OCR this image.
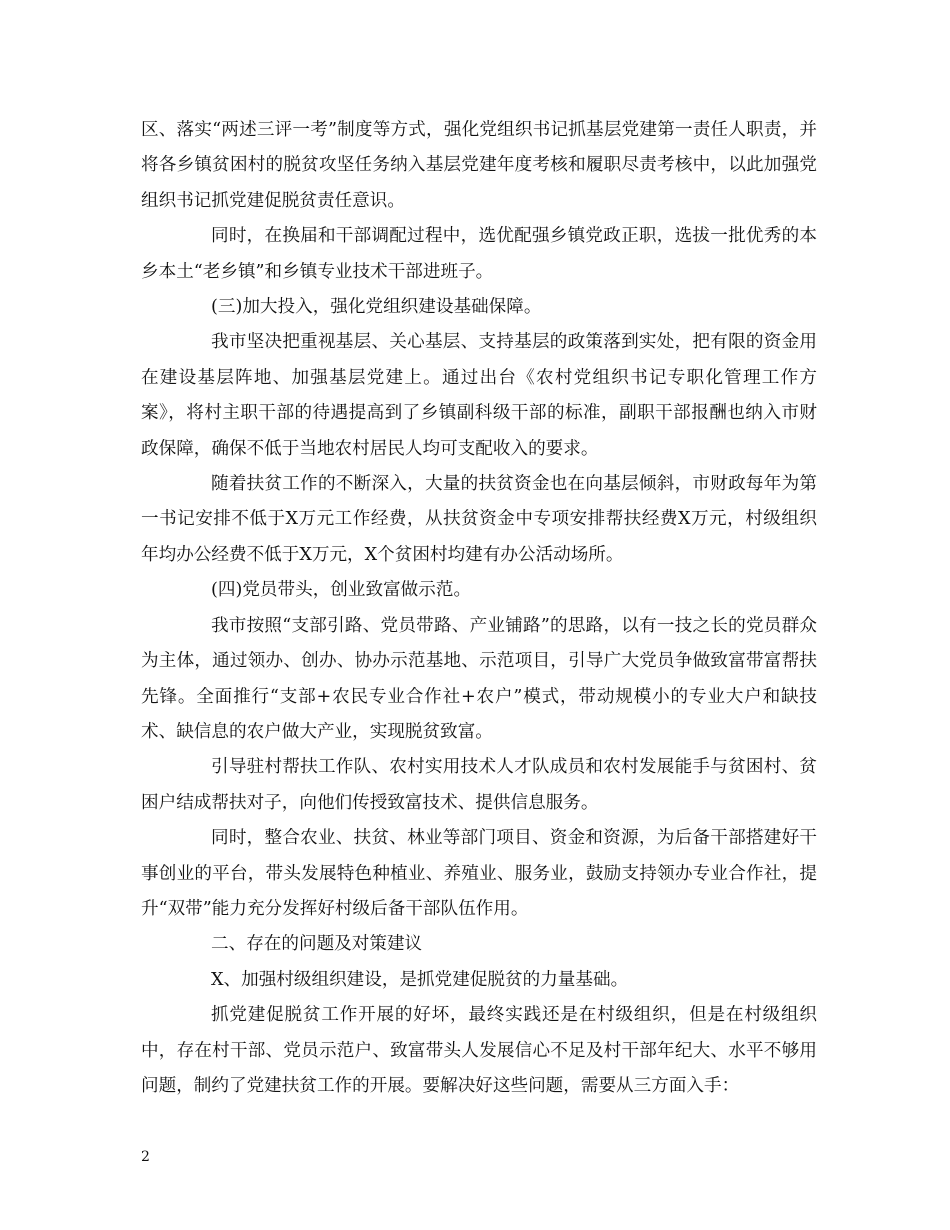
区、落实“两述三评一考”制度等方式，强化党组织书记抓基层党建第一责任人职责，并将各乡镇贫困村的脱贫攻坚任务纳入基层党建年度考核和履职尽责考核中，以此加强党组织书记抓党建促脱贫责任意识。

同时，在换届和干部调配过程中，选优配强乡镇党政正职，选拔一批优秀的本乡本土“老乡镇”和乡镇专业技术干部进班子。

(三)加大投入，强化党组织建设基础保障。

我市坚决把重视基层、关心基层、支持基层的政策落到实处，把有限的资金用在建设基层阵地、加强基层党建上。通过出台《农村党组织书记专职化管理工作方案》，将村主职干部的待遇提高到了乡镇副科级干部的标准，副职干部报酬也纳入市财政保障，确保不低于当地农村居民人均可支配收入的要求。

随着扶贫工作的不断深入，大量的扶贫资金也在向基层倾斜，市财政每年为第一书记安排不低于X万元工作经费，从扶贫资金中专项安排帮扶经费X万元，村级组织年均办公经费不低于X万元，X个贫困村均建有办公活动场所。

(四)党员带头，创业致富做示范。

我市按照“支部引路、党员带路、产业铺路”的思路，以有一技之长的党员群众为主体，通过领办、创办、协办示范基地、示范项目，引导广大党员争做致富带富帮扶先锋。全面推行“支部+农民专业合作社+农户”模式，带动规模小的专业大户和缺技术、缺信息的农户做大产业，实现脱贫致富。

引导驻村帮扶工作队、农村实用技术人才队成员和农村发展能手与贫困村、贫困户结成帮扶对子，向他们传授致富技术、提供信息服务。

同时，整合农业、扶贫、林业等部门项目、资金和资源，为后备干部搭建好干事创业的平台，带头发展特色种植业、养殖业、服务业，鼓励支持领办专业合作社，提升“双带”能力充分发挥好村级后备干部队伍作用。

二、存在的问题及对策建议

X、加强村级组织建设，是抓党建促脱贫的力量基础。

抓党建促脱贫工作开展的好坏，最终实践还是在村级组织，但是在村级组织中，存在村干部、党员示范户、致富带头人发展信心不足及村干部年纪大、水平不够用问题，制约了党建扶贫工作的开展。要解决好这些问题，需要从三方面入手：

2
